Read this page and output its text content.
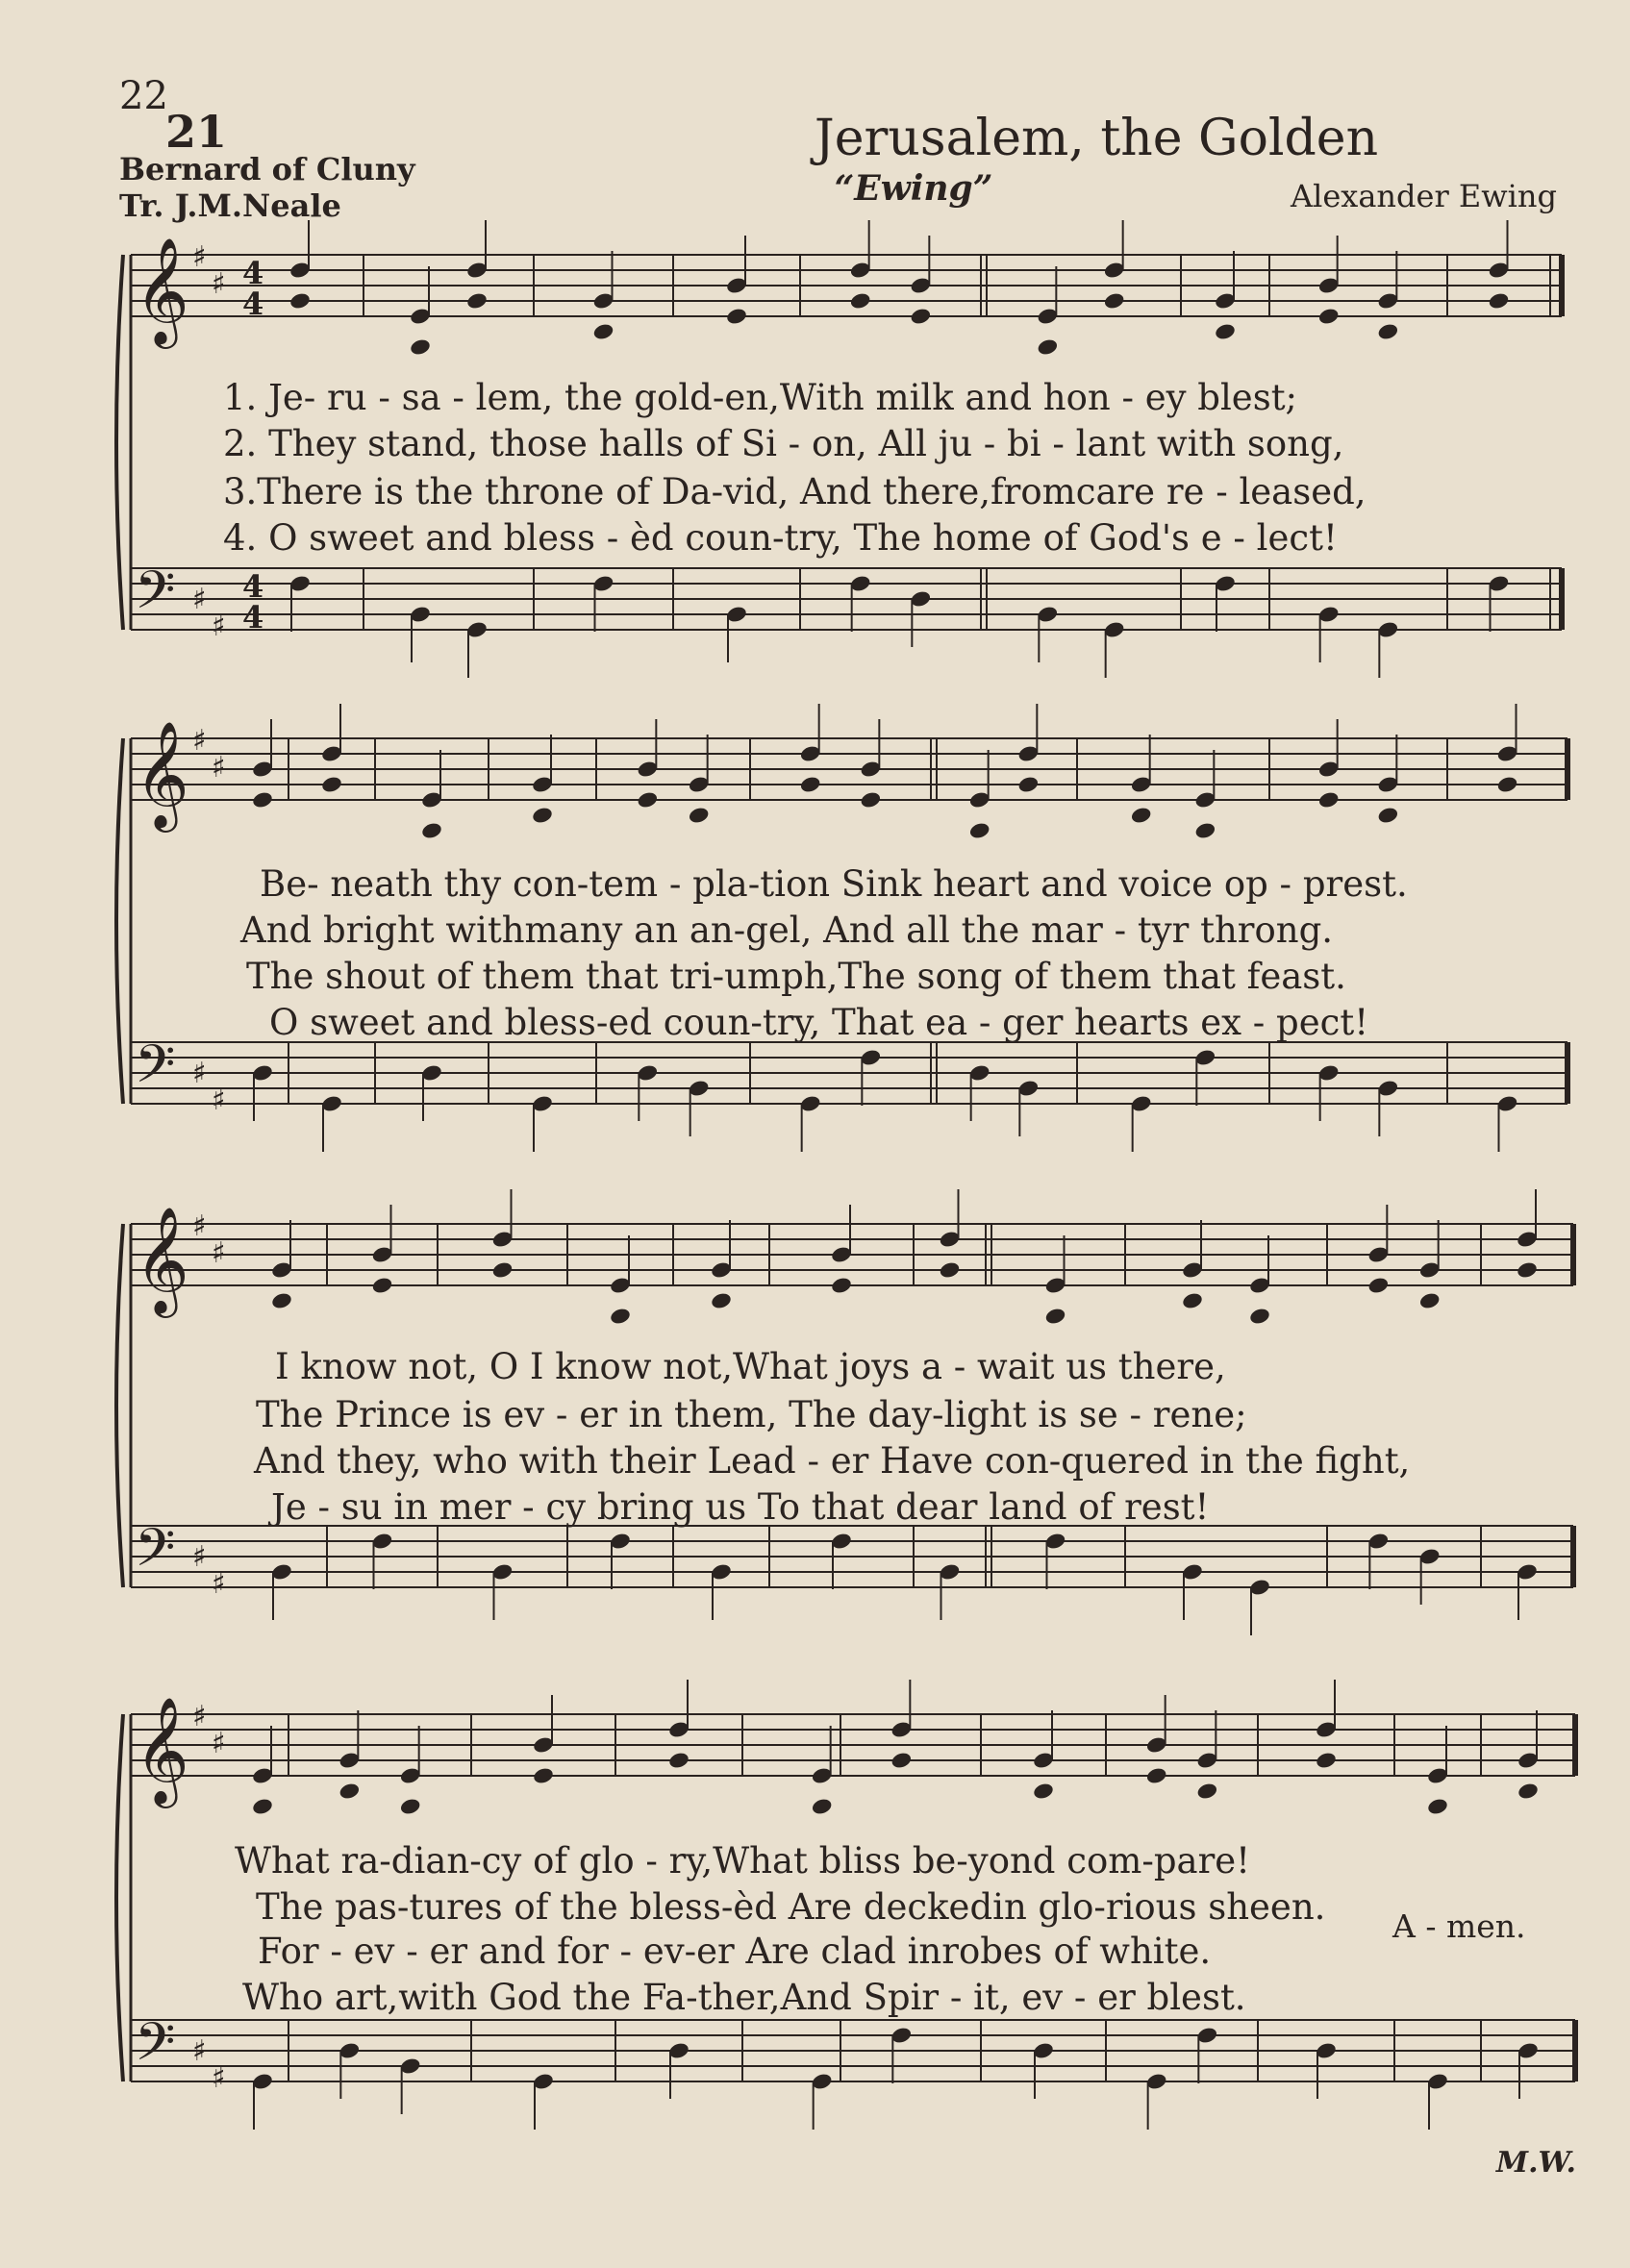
22
21
Bernard of Cluny
Tr. J.M.Neale
Jerusalem, the Golden
“Ewing”	Alexander Ewing
𝄞 ♯
♯
𝄢 ♯
♯
𝄞 ♯
♯
𝄢 ♯
♯
𝄞 ♯
♯
𝄢 ♯
♯
𝄞 ♯
♯
𝄢 ♯
♯
4
4
4
4
1. Je- ru - sa - lem, the gold-en,With milk and hon - ey blest;
2. They stand, those halls of Si - on, All ju - bi - lant with song,
3.There is the throne of Da-vid, And there,fromcare re - leased,
4. O sweet and bless - èd coun-try, The home of God's e - lect!
Be- neath thy con-tem - pla-tion Sink heart and voice op - prest.
And bright withmany an an-gel, And all the mar - tyr throng.
The shout of them that tri-umph,The song of them that feast.
O sweet and bless-ed coun-try, That ea - ger hearts ex - pect!
I know not, O I know not,What joys a - wait us there,
The Prince is ev - er in them, The day-light is se - rene;
And they, who with their Lead - er Have con-quered in the fight,
Je - su in mer - cy bring us To that dear land of rest!
What ra-dian-cy of glo - ry,What bliss be-yond com-pare!
The pas-tures of the bless-èd Are deckedin glo-rious sheen.
For - ev - er and for - ev-er Are clad inrobes of white.
Who art,with God the Fa-ther,And Spir - it, ev - er blest.
A - men.
M.W.
